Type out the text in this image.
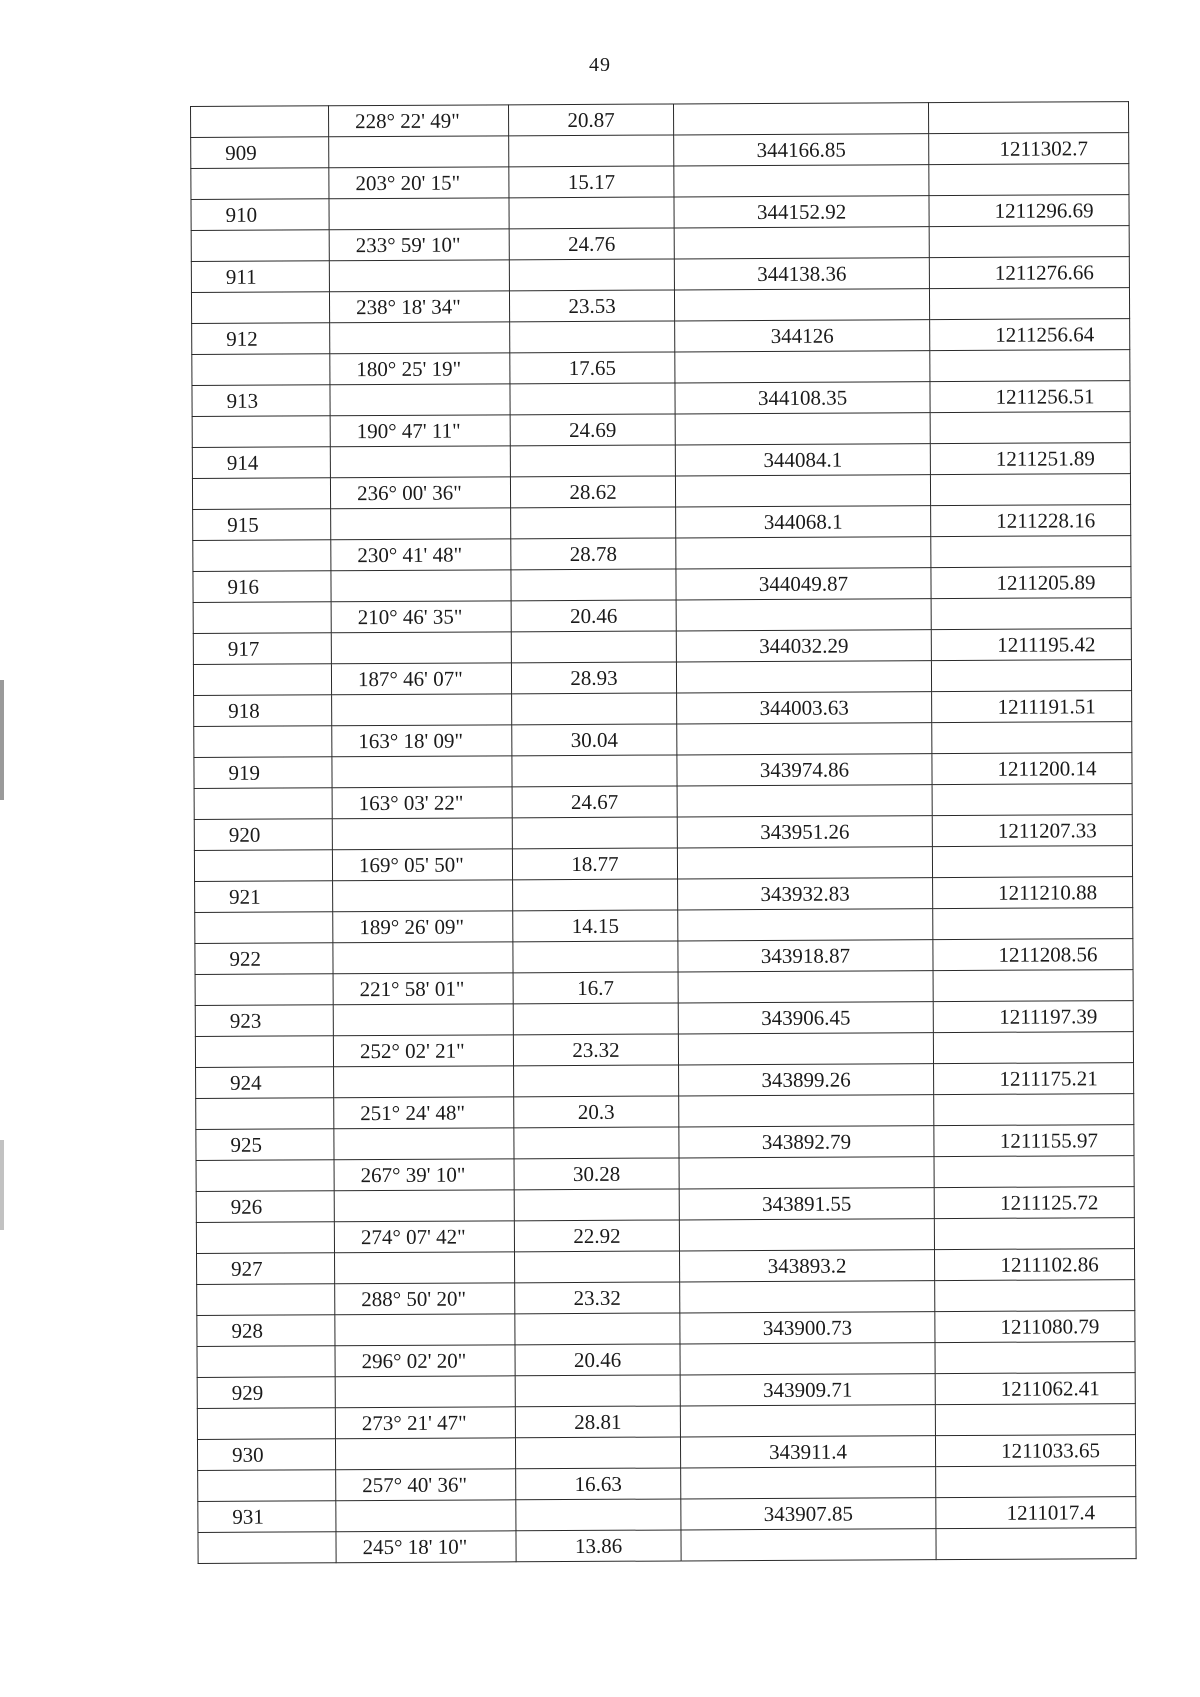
49
	228° 22' 49"	20.87		
909			344166.85	1211302.7
	203° 20' 15"	15.17		
910			344152.92	1211296.69
	233° 59' 10"	24.76		
911			344138.36	1211276.66
	238° 18' 34"	23.53		
912			344126	1211256.64
	180° 25' 19"	17.65		
913			344108.35	1211256.51
	190° 47' 11"	24.69		
914			344084.1	1211251.89
	236° 00' 36"	28.62		
915			344068.1	1211228.16
	230° 41' 48"	28.78		
916			344049.87	1211205.89
	210° 46' 35"	20.46		
917			344032.29	1211195.42
	187° 46' 07"	28.93		
918			344003.63	1211191.51
	163° 18' 09"	30.04		
919			343974.86	1211200.14
	163° 03' 22"	24.67		
920			343951.26	1211207.33
	169° 05' 50"	18.77		
921			343932.83	1211210.88
	189° 26' 09"	14.15		
922			343918.87	1211208.56
	221° 58' 01"	16.7		
923			343906.45	1211197.39
	252° 02' 21"	23.32		
924			343899.26	1211175.21
	251° 24' 48"	20.3		
925			343892.79	1211155.97
	267° 39' 10"	30.28		
926			343891.55	1211125.72
	274° 07' 42"	22.92		
927			343893.2	1211102.86
	288° 50' 20"	23.32		
928			343900.73	1211080.79
	296° 02' 20"	20.46		
929			343909.71	1211062.41
	273° 21' 47"	28.81		
930			343911.4	1211033.65
	257° 40' 36"	16.63		
931			343907.85	1211017.4
	245° 18' 10"	13.86		
